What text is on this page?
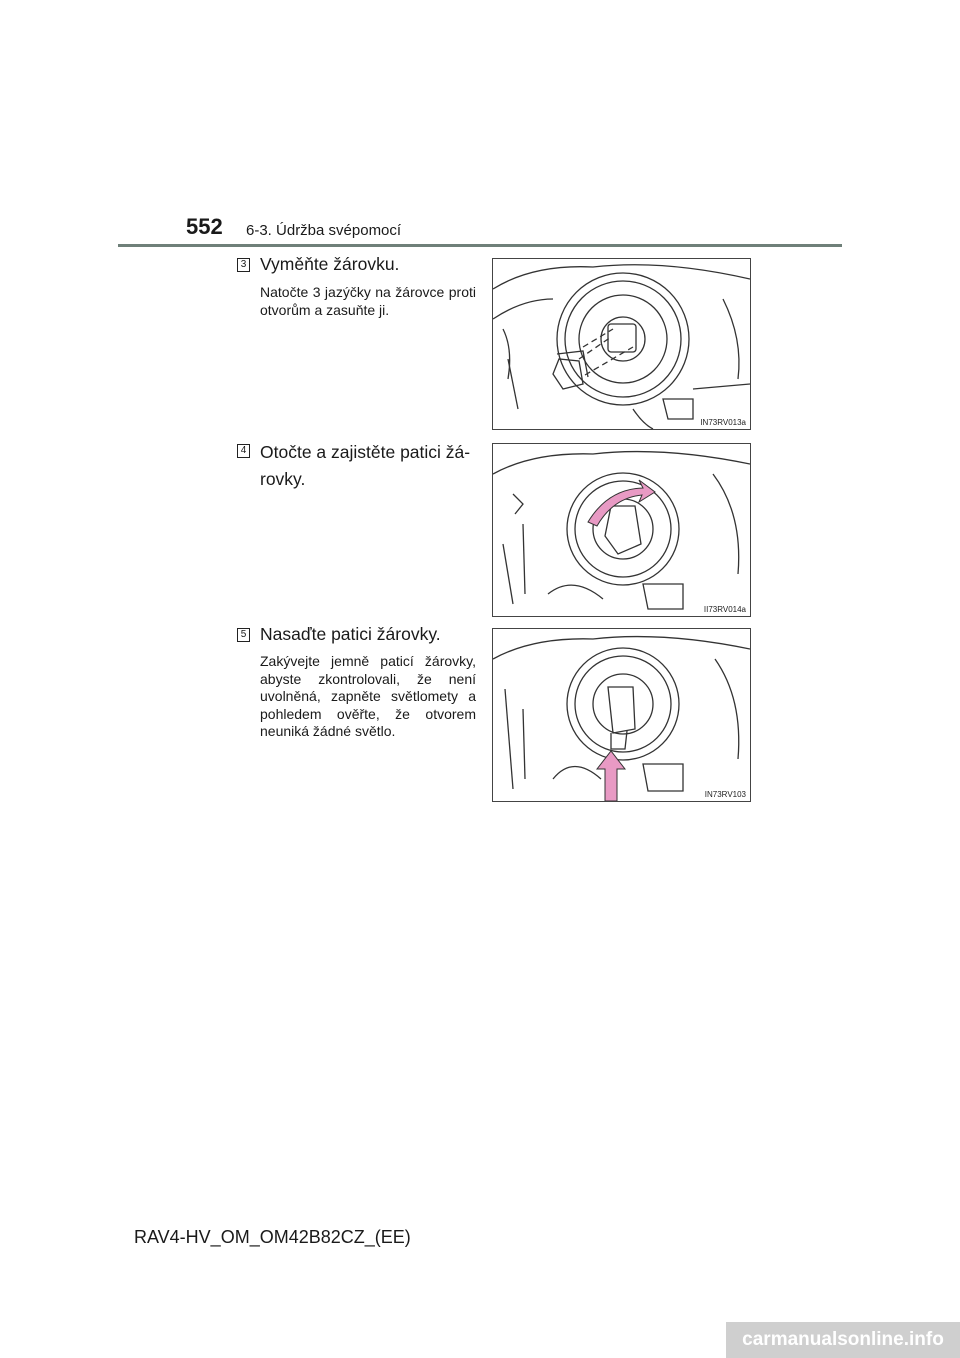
552 6-3. Údržba svépomocí
3 Vyměňte žárovku.
Natočte 3 jazýčky na žárovce proti otvorům a zasuňte ji.
IN73RV013a
4 Otočte a zajistěte patici žá-rovky.
II73RV014a
5 Nasaďte patici žárovky.
Zakývejte jemně paticí žárovky, abyste zkontrolovali, že není uvolněná, zapněte světlomety a pohledem ověřte, že otvorem neuniká žádné světlo.
IN73RV103
RAV4-HV_OM_OM42B82CZ_(EE)
carmanualsonline.info
